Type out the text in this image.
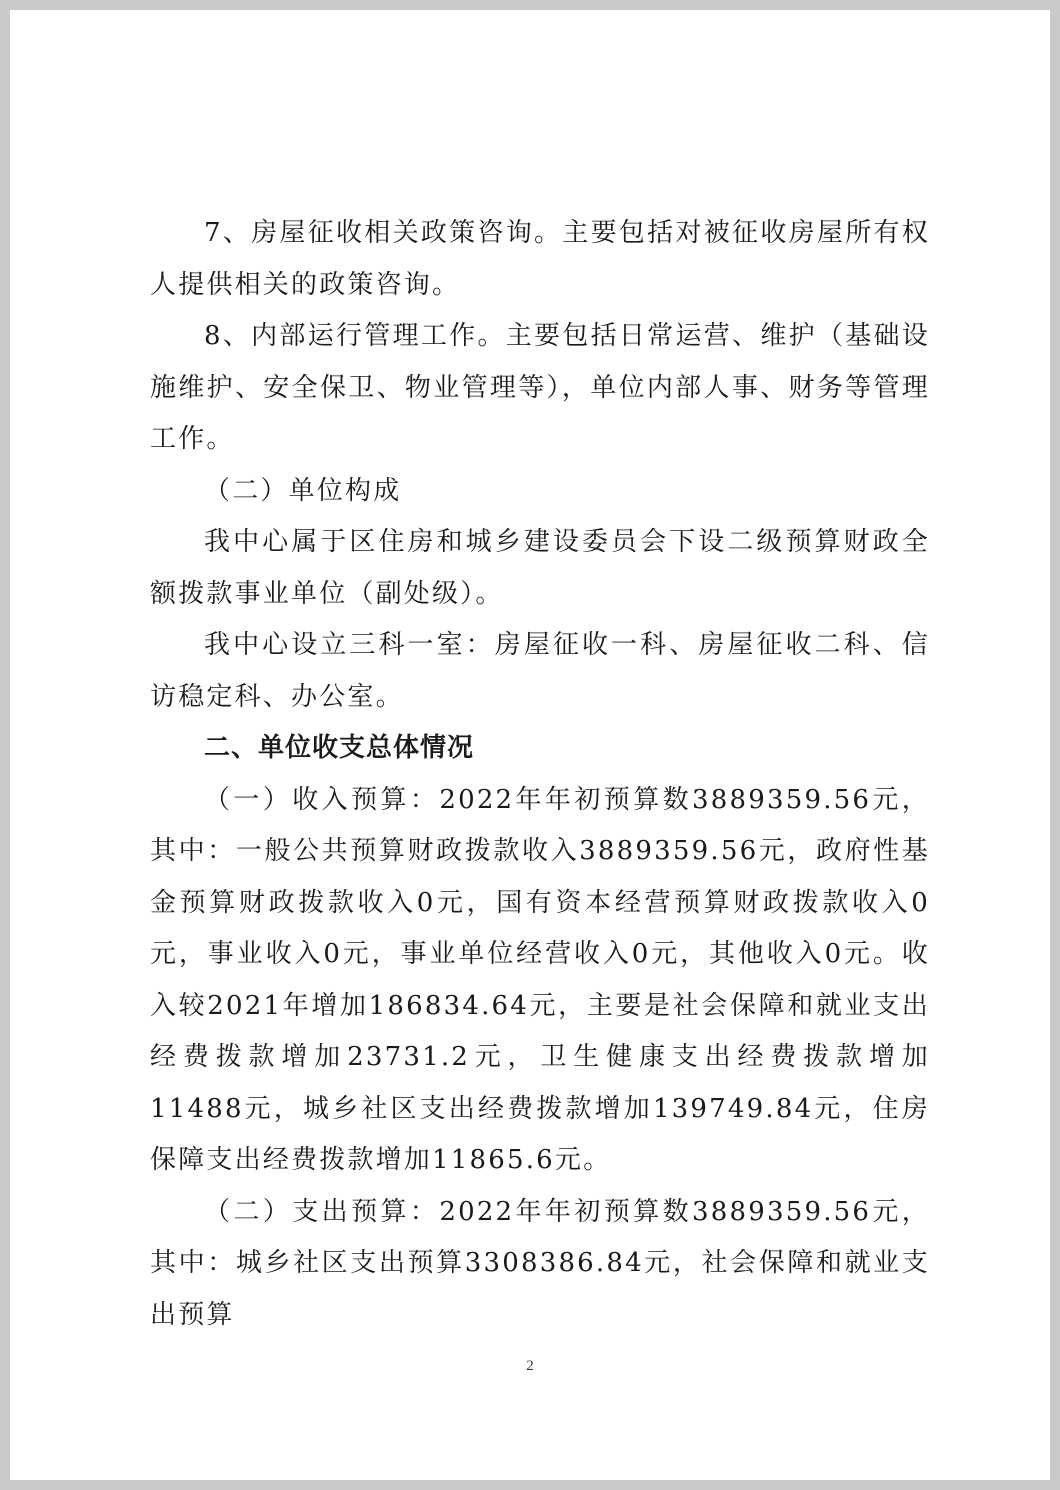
7、房屋征收相关政策咨询。主要包括对被征收房屋所有权人提供相关的政策咨询。

8、内部运行管理工作。主要包括日常运营、维护（基础设施维护、安全保卫、物业管理等），单位内部人事、财务等管理工作。

（二）单位构成

我中心属于区住房和城乡建设委员会下设二级预算财政全额拨款事业单位（副处级）。

我中心设立三科一室：房屋征收一科、房屋征收二科、信访稳定科、办公室。

二、单位收支总体情况

（一）收入预算：2022年年初预算数3889359.56元，其中：一般公共预算财政拨款收入3889359.56元，政府性基金预算财政拨款收入0元，国有资本经营预算财政拨款收入0元，事业收入0元，事业单位经营收入0元，其他收入0元。收入较2021年增加186834.64元，主要是社会保障和就业支出经费拨款增加23731.2元，卫生健康支出经费拨款增加11488元，城乡社区支出经费拨款增加139749.84元，住房保障支出经费拨款增加11865.6元。

（二）支出预算：2022年年初预算数3889359.56元，其中：城乡社区支出预算3308386.84元，社会保障和就业支出预算

2
